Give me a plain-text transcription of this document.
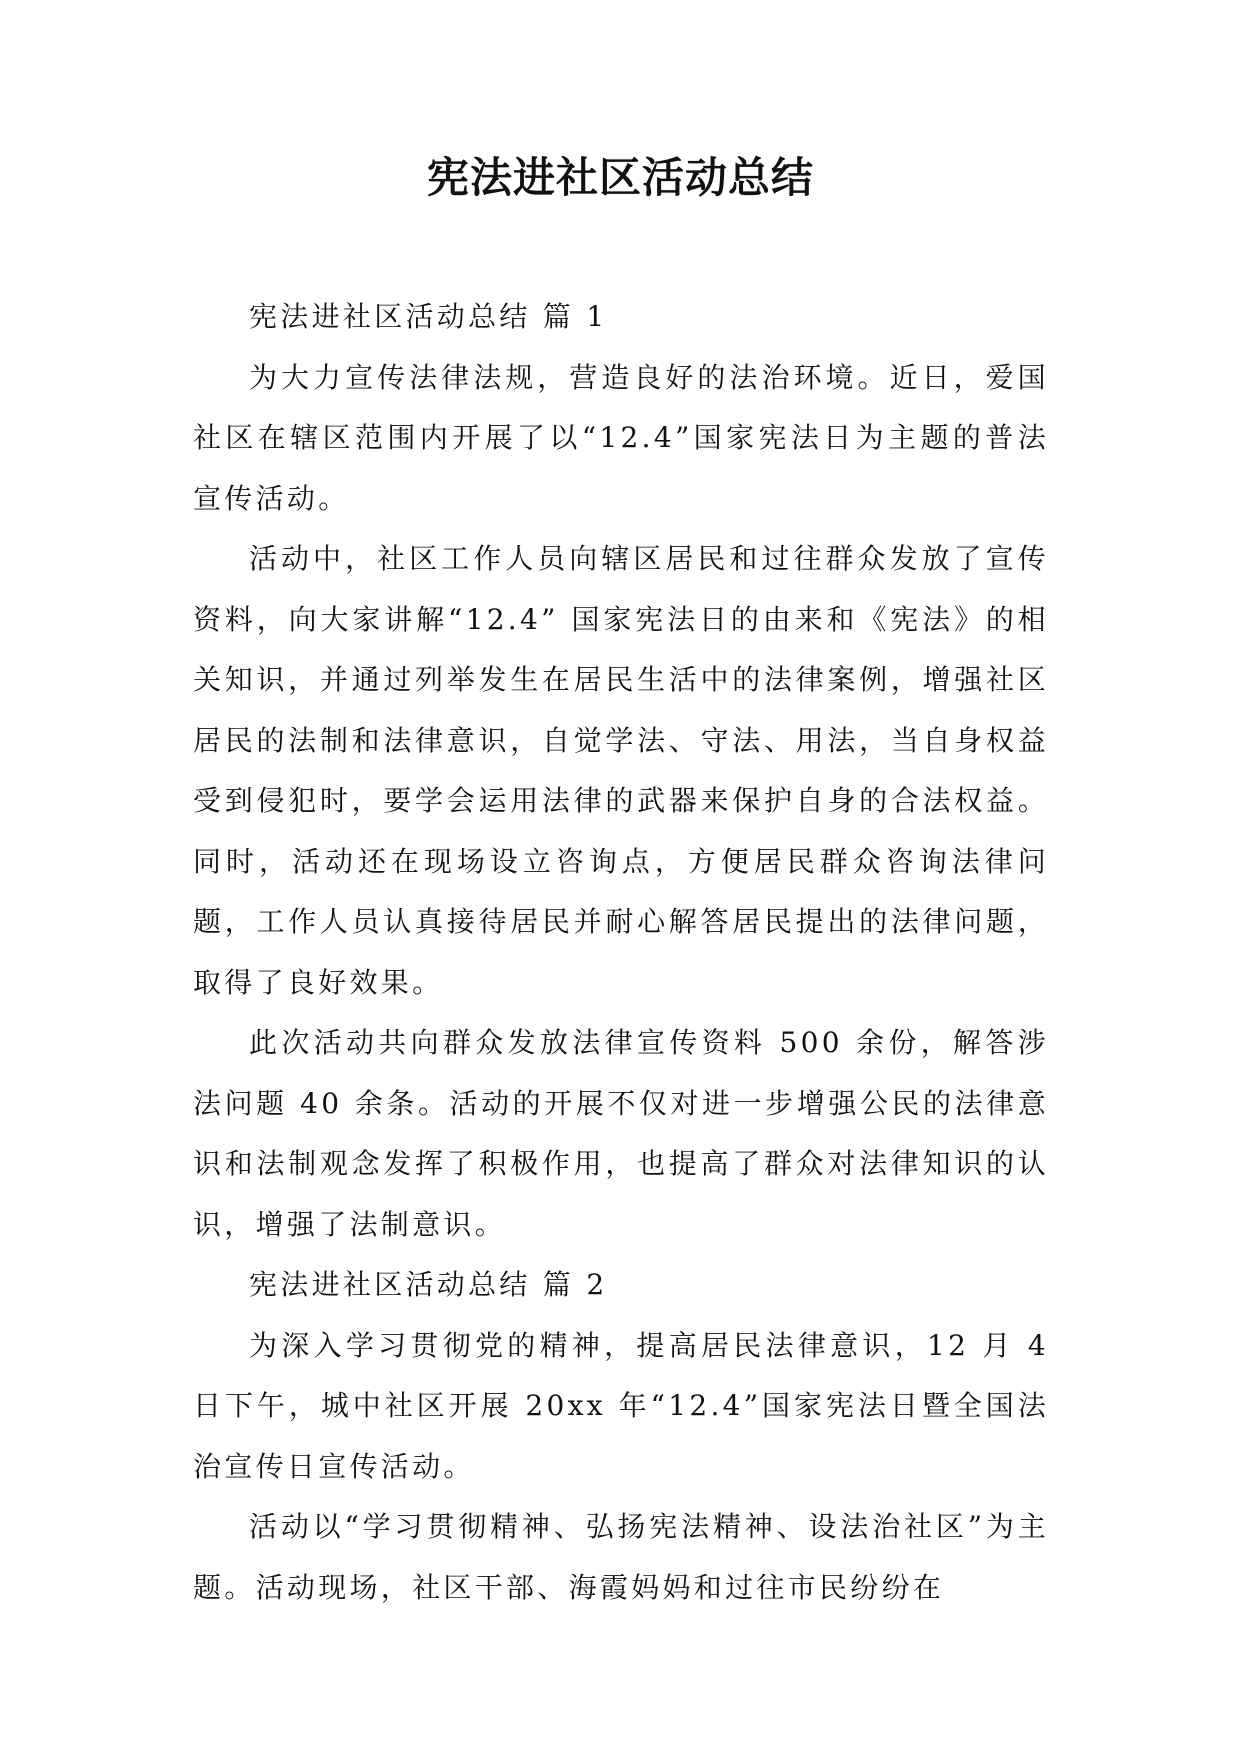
宪法进社区活动总结

宪法进社区活动总结 篇 1

为大力宣传法律法规，营造良好的法治环境。近日，爱国社区在辖区范围内开展了以“12.4”国家宪法日为主题的普法宣传活动。

活动中，社区工作人员向辖区居民和过往群众发放了宣传资料，向大家讲解“12.4” 国家宪法日的由来和《宪法》的相关知识，并通过列举发生在居民生活中的法律案例，增强社区居民的法制和法律意识，自觉学法、守法、用法，当自身权益受到侵犯时，要学会运用法律的武器来保护自身的合法权益。同时，活动还在现场设立咨询点，方便居民群众咨询法律问题，工作人员认真接待居民并耐心解答居民提出的法律问题，取得了良好效果。

此次活动共向群众发放法律宣传资料 500 余份，解答涉法问题 40 余条。活动的开展不仅对进一步增强公民的法律意识和法制观念发挥了积极作用，也提高了群众对法律知识的认识，增强了法制意识。

宪法进社区活动总结 篇 2

为深入学习贯彻党的精神，提高居民法律意识，12 月 4 日下午，城中社区开展 20xx 年“12.4”国家宪法日暨全国法治宣传日宣传活动。

活动以“学习贯彻精神、弘扬宪法精神、设法治社区”为主题。活动现场，社区干部、海霞妈妈和过往市民纷纷在
